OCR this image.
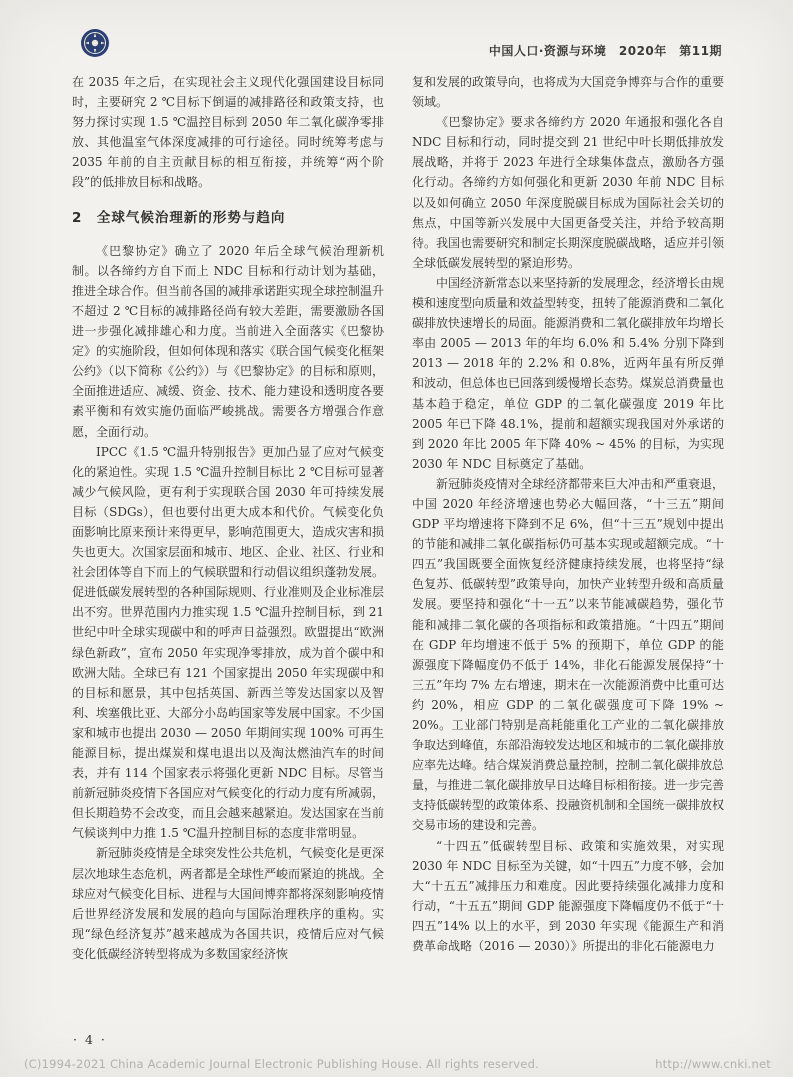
中国人口·资源与环境　2020年　第11期

在 2035 年之后，在实现社会主义现代化强国建设目标同时，主要研究 2 ℃目标下倒逼的减排路径和政策支持，也努力探讨实现 1.5 ℃温控目标到 2050 年二氧化碳净零排放、其他温室气体深度减排的可行途径。同时统筹考虑与 2035 年前的自主贡献目标的相互衔接，并统筹“两个阶段”的低排放目标和战略。

2　全球气候治理新的形势与趋向

《巴黎协定》确立了 2020 年后全球气候治理新机制。以各缔约方自下而上 NDC 目标和行动计划为基础，推进全球合作。但当前各国的减排承诺距实现全球控制温升不超过 2 ℃目标的减排路径尚有较大差距，需要激励各国进一步强化减排雄心和力度。当前进入全面落实《巴黎协定》的实施阶段，但如何体现和落实《联合国气候变化框架公约》（以下简称《公约》）与《巴黎协定》的目标和原则，全面推进适应、减缓、资金、技术、能力建设和透明度各要素平衡和有效实施仍面临严峻挑战。需要各方增强合作意愿，全面行动。

IPCC《1.5 ℃温升特别报告》更加凸显了应对气候变化的紧迫性。实现 1.5 ℃温升控制目标比 2 ℃目标可显著减少气候风险，更有利于实现联合国 2030 年可持续发展目标（SDGs），但也要付出更大成本和代价。气候变化负面影响比原来预计来得更早，影响范围更大，造成灾害和损失也更大。次国家层面和城市、地区、企业、社区、行业和社会团体等自下而上的气候联盟和行动倡议组织蓬勃发展。促进低碳发展转型的各种国际规则、行业准则及企业标准层出不穷。世界范围内力推实现 1.5 ℃温升控制目标，到 21 世纪中叶全球实现碳中和的呼声日益强烈。欧盟提出“欧洲绿色新政”，宣布 2050 年实现净零排放，成为首个碳中和欧洲大陆。全球已有 121 个国家提出 2050 年实现碳中和的目标和愿景，其中包括英国、新西兰等发达国家以及智利、埃塞俄比亚、大部分小岛屿国家等发展中国家。不少国家和城市也提出 2030 — 2050 年期间实现 100% 可再生能源目标，提出煤炭和煤电退出以及淘汰燃油汽车的时间表，并有 114 个国家表示将强化更新 NDC 目标。尽管当前新冠肺炎疫情下各国应对气候变化的行动力度有所减弱，但长期趋势不会改变，而且会越来越紧迫。发达国家在当前气候谈判中力推 1.5 ℃温升控制目标的态度非常明显。

新冠肺炎疫情是全球突发性公共危机，气候变化是更深层次地球生态危机，两者都是全球性严峻而紧迫的挑战。全球应对气候变化目标、进程与大国间博弈都将深刻影响疫情后世界经济发展和发展的趋向与国际治理秩序的重构。实现“绿色经济复苏”越来越成为各国共识，疫情后应对气候变化低碳经济转型将成为多数国家经济恢

复和发展的政策导向，也将成为大国竞争博弈与合作的重要领域。

《巴黎协定》要求各缔约方 2020 年通报和强化各自 NDC 目标和行动，同时提交到 21 世纪中叶长期低排放发展战略，并将于 2023 年进行全球集体盘点，激励各方强化行动。各缔约方如何强化和更新 2030 年前 NDC 目标以及如何确立 2050 年深度脱碳目标成为国际社会关切的焦点，中国等新兴发展中大国更备受关注，并给予较高期待。我国也需要研究和制定长期深度脱碳战略，适应并引领全球低碳发展转型的紧迫形势。

中国经济新常态以来坚持新的发展理念，经济增长由规模和速度型向质量和效益型转变，扭转了能源消费和二氧化碳排放快速增长的局面。能源消费和二氧化碳排放年均增长率由 2005 — 2013 年的年均 6.0% 和 5.4% 分别下降到 2013 — 2018 年的 2.2% 和 0.8%，近两年虽有所反弹和波动，但总体也已回落到缓慢增长态势。煤炭总消费量也基本趋于稳定，单位 GDP 的二氧化碳强度 2019 年比 2005 年已下降 48.1%，提前和超额实现我国对外承诺的到 2020 年比 2005 年下降 40% ~ 45% 的目标，为实现 2030 年 NDC 目标奠定了基础。

新冠肺炎疫情对全球经济都带来巨大冲击和严重衰退，中国 2020 年经济增速也势必大幅回落，“十三五”期间 GDP 平均增速将下降到不足 6%，但“十三五”规划中提出的节能和减排二氧化碳指标仍可基本实现或超额完成。“十四五”我国既要全面恢复经济健康持续发展，也将坚持“绿色复苏、低碳转型”政策导向，加快产业转型升级和高质量发展。要坚持和强化“十一五”以来节能减碳趋势，强化节能和减排二氧化碳的各项指标和政策措施。“十四五”期间在 GDP 年均增速不低于 5% 的预期下，单位 GDP 的能源强度下降幅度仍不低于 14%，非化石能源发展保持“十三五”年均 7% 左右增速，期末在一次能源消费中比重可达约 20%，相应 GDP 的二氧化碳强度可下降 19% ~ 20%。工业部门特别是高耗能重化工产业的二氧化碳排放争取达到峰值，东部沿海较发达地区和城市的二氧化碳排放应率先达峰。结合煤炭消费总量控制，控制二氧化碳排放总量，与推进二氧化碳排放早日达峰目标相衔接。进一步完善支持低碳转型的政策体系、投融资机制和全国统一碳排放权交易市场的建设和完善。

“十四五”低碳转型目标、政策和实施效果，对实现 2030 年 NDC 目标至为关键，如“十四五”力度不够，会加大“十五五”减排压力和难度。因此要持续强化减排力度和行动，“十五五”期间 GDP 能源强度下降幅度仍不低于“十四五”14% 以上的水平，到 2030 年实现《能源生产和消费革命战略（2016 — 2030）》所提出的非化石能源电力

· 4 ·
(C)1994-2021 China Academic Journal Electronic Publishing House. All rights reserved.	http://www.cnki.net
